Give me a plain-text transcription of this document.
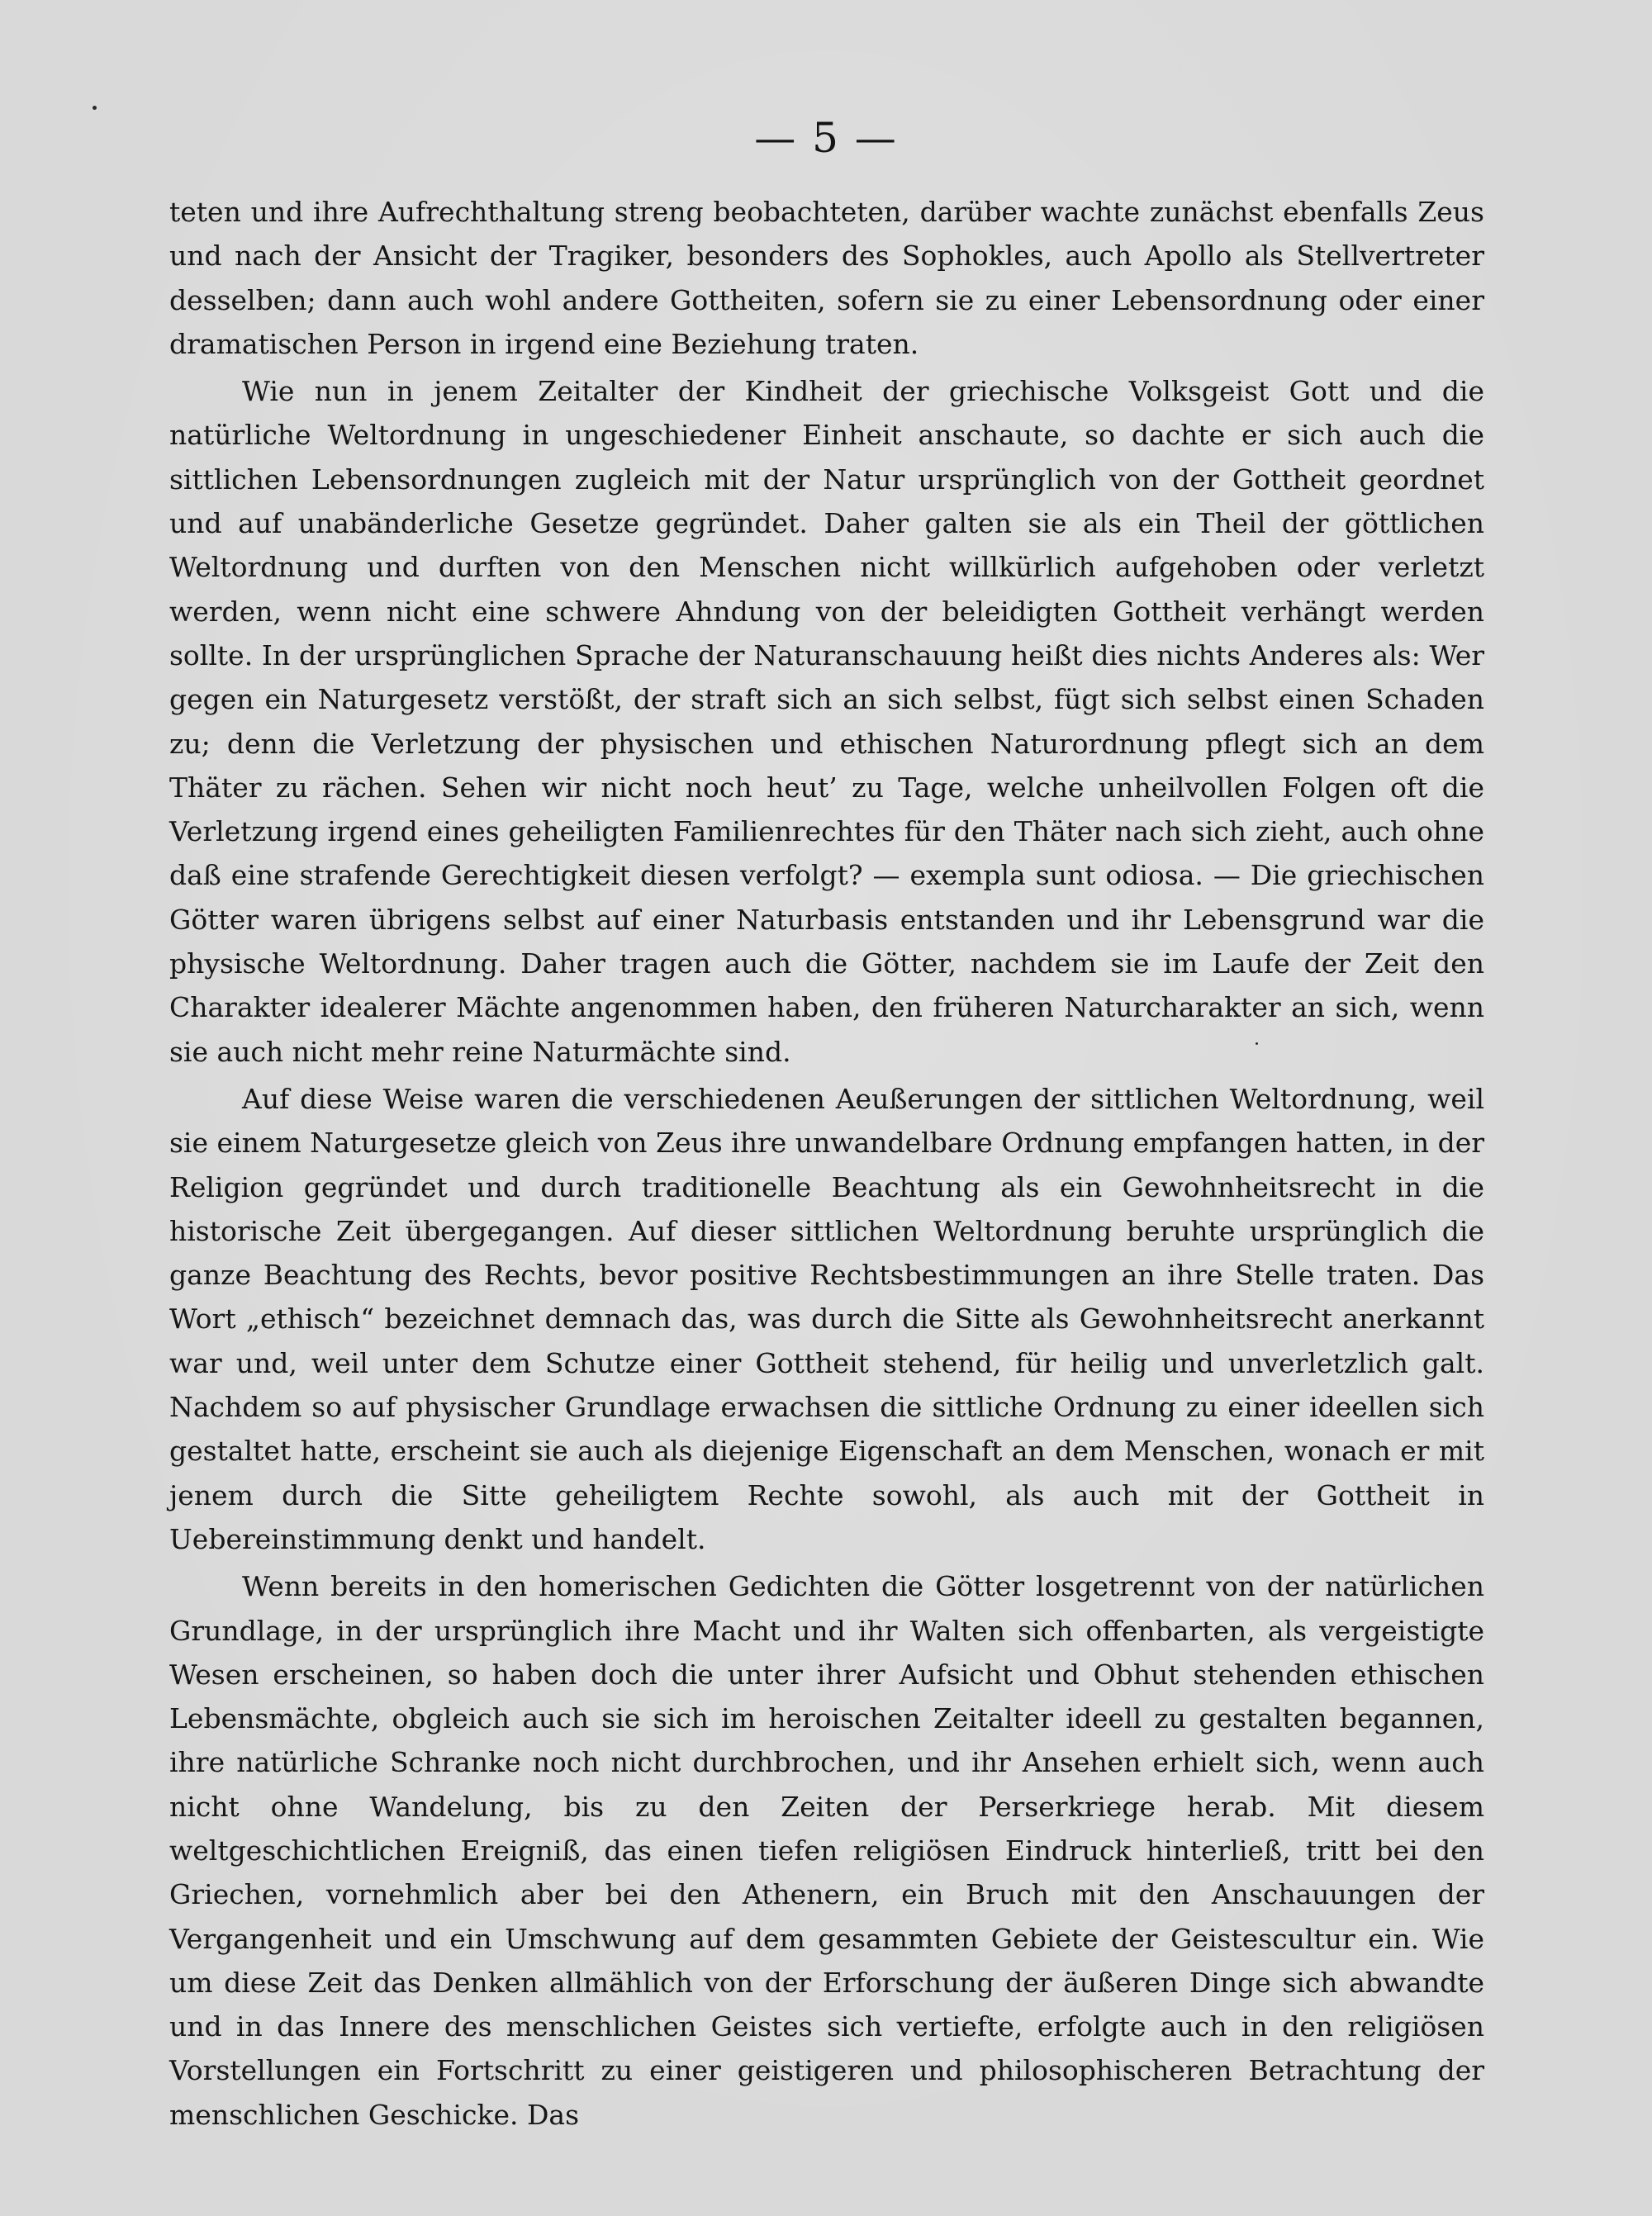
— 5 —

teten und ihre Aufrechthaltung streng beobachteten, darüber wachte zunächst ebenfalls Zeus und nach der Ansicht der Tragiker, besonders des Sophokles, auch Apollo als Stellvertreter desselben; dann auch wohl andere Gottheiten, sofern sie zu einer Lebensordnung oder einer dramatischen Person in irgend eine Beziehung traten.

Wie nun in jenem Zeitalter der Kindheit der griechische Volksgeist Gott und die natürliche Weltordnung in ungeschiedener Einheit anschaute, so dachte er sich auch die sittlichen Lebensordnungen zugleich mit der Natur ursprünglich von der Gottheit geordnet und auf unabänderliche Gesetze gegründet. Daher galten sie als ein Theil der göttlichen Weltordnung und durften von den Menschen nicht willkürlich aufgehoben oder verletzt werden, wenn nicht eine schwere Ahndung von der beleidigten Gottheit verhängt werden sollte. In der ursprünglichen Sprache der Naturanschauung heißt dies nichts Anderes als: Wer gegen ein Naturgesetz verstößt, der straft sich an sich selbst, fügt sich selbst einen Schaden zu; denn die Verletzung der physischen und ethischen Naturordnung pflegt sich an dem Thäter zu rächen. Sehen wir nicht noch heut’ zu Tage, welche unheilvollen Folgen oft die Verletzung irgend eines geheiligten Familienrechtes für den Thäter nach sich zieht, auch ohne daß eine strafende Gerechtigkeit diesen verfolgt? — exempla sunt odiosa. — Die griechischen Götter waren übrigens selbst auf einer Naturbasis entstanden und ihr Lebensgrund war die physische Weltordnung. Daher tragen auch die Götter, nachdem sie im Laufe der Zeit den Charakter idealerer Mächte angenommen haben, den früheren Naturcharakter an sich, wenn sie auch nicht mehr reine Naturmächte sind.

Auf diese Weise waren die verschiedenen Aeußerungen der sittlichen Weltordnung, weil sie einem Naturgesetze gleich von Zeus ihre unwandelbare Ordnung empfangen hatten, in der Religion gegründet und durch traditionelle Beachtung als ein Gewohnheitsrecht in die historische Zeit übergegangen. Auf dieser sittlichen Weltordnung beruhte ursprünglich die ganze Beachtung des Rechts, bevor positive Rechtsbestimmungen an ihre Stelle traten. Das Wort „ethisch“ bezeichnet demnach das, was durch die Sitte als Gewohnheitsrecht anerkannt war und, weil unter dem Schutze einer Gottheit stehend, für heilig und unverletzlich galt. Nachdem so auf physischer Grundlage erwachsen die sittliche Ordnung zu einer ideellen sich gestaltet hatte, erscheint sie auch als diejenige Eigenschaft an dem Menschen, wonach er mit jenem durch die Sitte geheiligtem Rechte sowohl, als auch mit der Gottheit in Uebereinstimmung denkt und handelt.

Wenn bereits in den homerischen Gedichten die Götter losgetrennt von der natürlichen Grundlage, in der ursprünglich ihre Macht und ihr Walten sich offenbarten, als vergeistigte Wesen erscheinen, so haben doch die unter ihrer Aufsicht und Obhut stehenden ethischen Lebensmächte, obgleich auch sie sich im heroischen Zeitalter ideell zu gestalten begannen, ihre natürliche Schranke noch nicht durchbrochen, und ihr Ansehen erhielt sich, wenn auch nicht ohne Wandelung, bis zu den Zeiten der Perserkriege herab. Mit diesem weltgeschichtlichen Ereigniß, das einen tiefen religiösen Eindruck hinterließ, tritt bei den Griechen, vornehmlich aber bei den Athenern, ein Bruch mit den Anschauungen der Vergangenheit und ein Umschwung auf dem gesammten Gebiete der Geistescultur ein. Wie um diese Zeit das Denken allmählich von der Erforschung der äußeren Dinge sich abwandte und in das Innere des menschlichen Geistes sich vertiefte, erfolgte auch in den religiösen Vorstellungen ein Fortschritt zu einer geistigeren und philosophischeren Betrachtung der menschlichen Geschicke. Das
